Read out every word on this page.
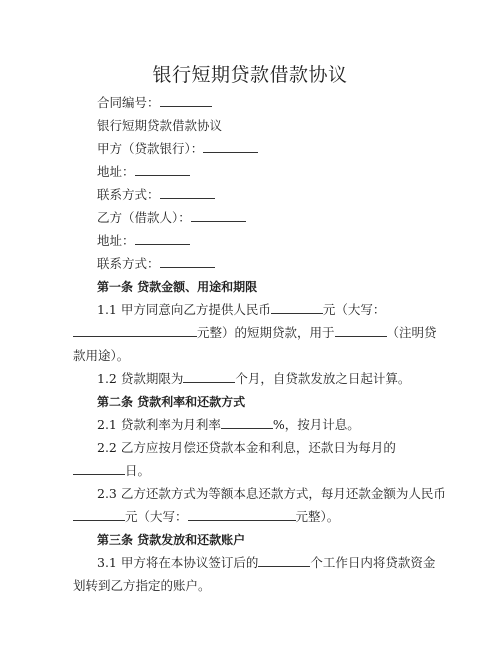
银行短期贷款借款协议
合同编号：
银行短期贷款借款协议
甲方（贷款银行）：
地址：
联系方式：
乙方（借款人）：
地址：
联系方式：
第一条 贷款金额、用途和期限
1.1 甲方同意向乙方提供人民币	元（大写：
元整）的短期贷款，用于	（注明贷
款用途）。
1.2 贷款期限为	个月，自贷款发放之日起计算。
第二条 贷款利率和还款方式
2.1 贷款利率为月利率	%，按月计息。
2.2 乙方应按月偿还贷款本金和利息，还款日为每月的
日。
2.3 乙方还款方式为等额本息还款方式，每月还款金额为人民币
元（大写：	元整）。
第三条 贷款发放和还款账户
3.1 甲方将在本协议签订后的	个工作日内将贷款资金
划转到乙方指定的账户。
